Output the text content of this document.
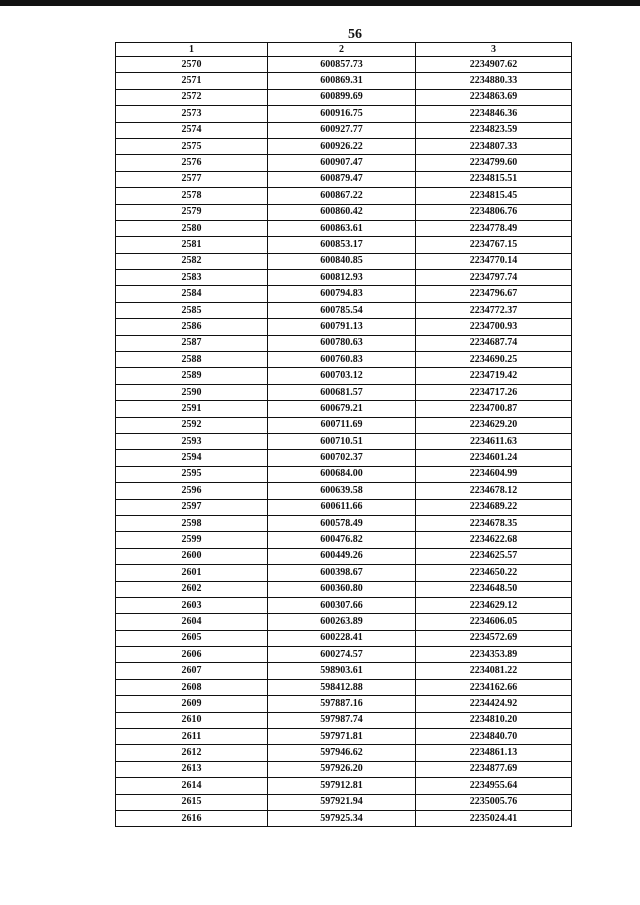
56
1	2	3
2570	600857.73	2234907.62
2571	600869.31	2234880.33
2572	600899.69	2234863.69
2573	600916.75	2234846.36
2574	600927.77	2234823.59
2575	600926.22	2234807.33
2576	600907.47	2234799.60
2577	600879.47	2234815.51
2578	600867.22	2234815.45
2579	600860.42	2234806.76
2580	600863.61	2234778.49
2581	600853.17	2234767.15
2582	600840.85	2234770.14
2583	600812.93	2234797.74
2584	600794.83	2234796.67
2585	600785.54	2234772.37
2586	600791.13	2234700.93
2587	600780.63	2234687.74
2588	600760.83	2234690.25
2589	600703.12	2234719.42
2590	600681.57	2234717.26
2591	600679.21	2234700.87
2592	600711.69	2234629.20
2593	600710.51	2234611.63
2594	600702.37	2234601.24
2595	600684.00	2234604.99
2596	600639.58	2234678.12
2597	600611.66	2234689.22
2598	600578.49	2234678.35
2599	600476.82	2234622.68
2600	600449.26	2234625.57
2601	600398.67	2234650.22
2602	600360.80	2234648.50
2603	600307.66	2234629.12
2604	600263.89	2234606.05
2605	600228.41	2234572.69
2606	600274.57	2234353.89
2607	598903.61	2234081.22
2608	598412.88	2234162.66
2609	597887.16	2234424.92
2610	597987.74	2234810.20
2611	597971.81	2234840.70
2612	597946.62	2234861.13
2613	597926.20	2234877.69
2614	597912.81	2234955.64
2615	597921.94	2235005.76
2616	597925.34	2235024.41
